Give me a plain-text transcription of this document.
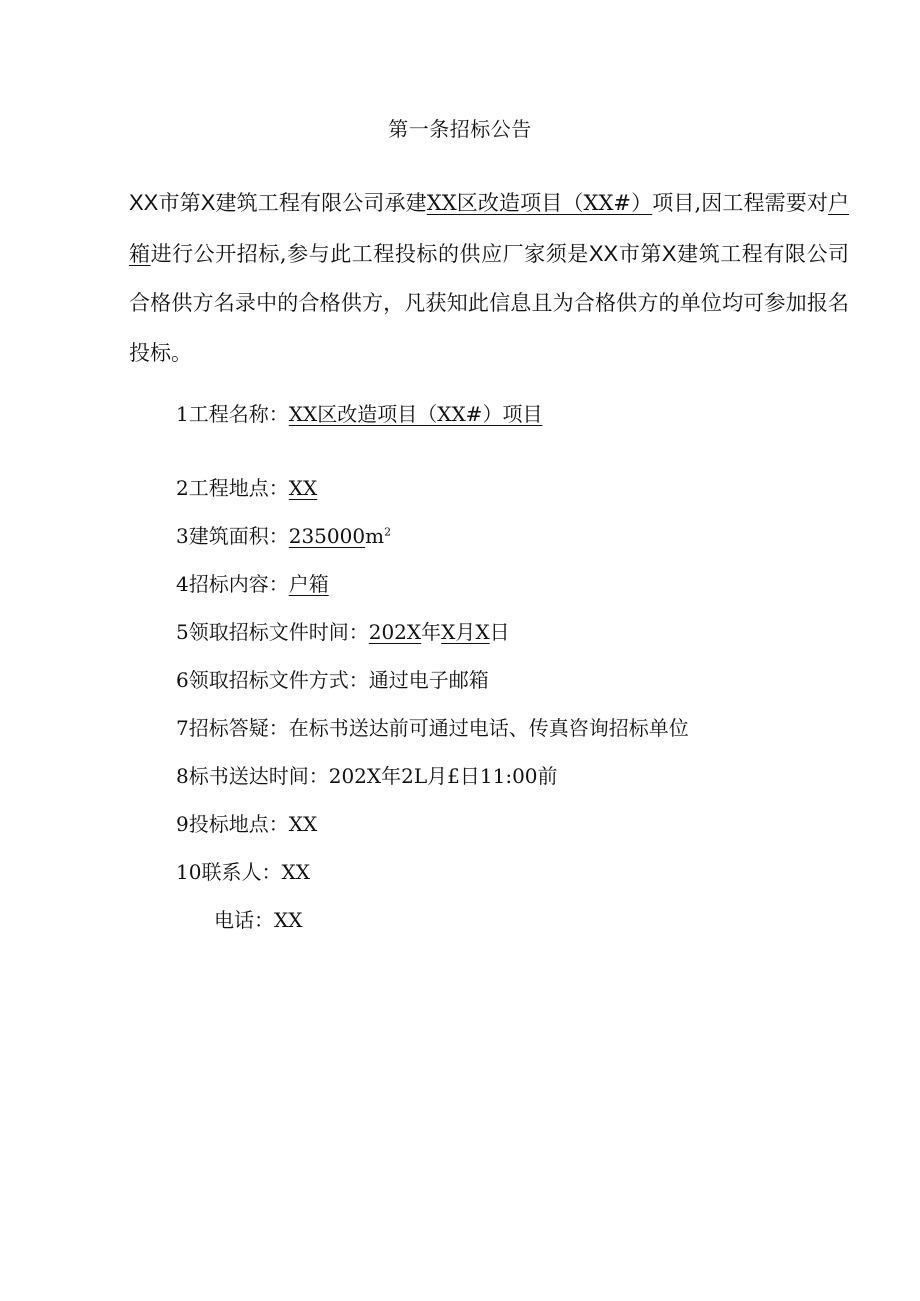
第一条招标公告
XX市第X建筑工程有限公司承建XX区改造项目（XX#）项目,因工程需要对户箱进行公开招标,参与此工程投标的供应厂家须是XX市第X建筑工程有限公司合格供方名录中的合格供方，凡获知此信息且为合格供方的单位均可参加报名投标。
1工程名称：XX区改造项目（XX#）项目
2工程地点：XX
3建筑面积：$235000m^2$
4招标内容：户箱
5领取招标文件时间：202X年X月X日
6领取招标文件方式：通过电子邮箱
7招标答疑：在标书送达前可通过电话、传真咨询招标单位
8标书送达时间：202X年2L月£日11:00前
9投标地点：XX
10联系人：XX
电话：XX
